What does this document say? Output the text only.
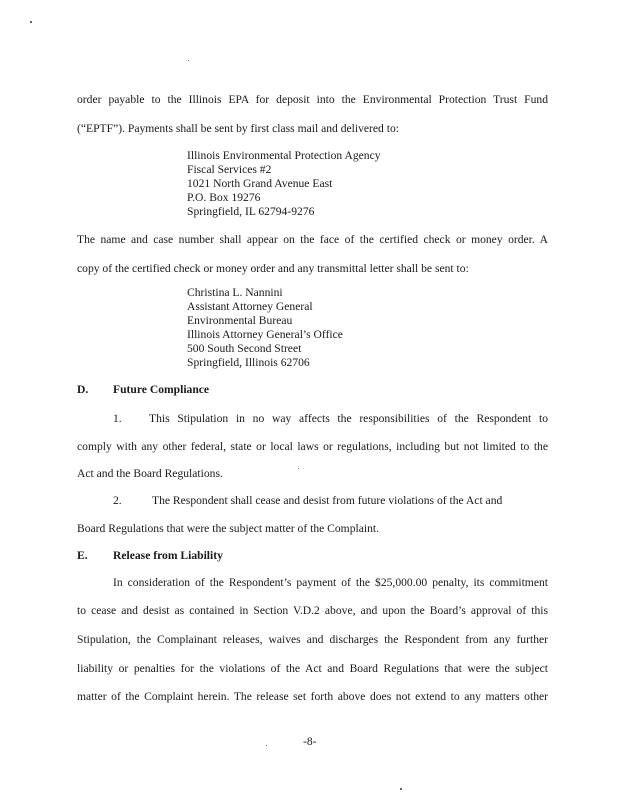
order payable to the Illinois EPA for deposit into the Environmental Protection Trust Fund
(“EPTF”). Payments shall be sent by first class mail and delivered to:
Illinois Environmental Protection Agency
Fiscal Services #2
1021 North Grand Avenue East
P.O. Box 19276
Springfield, IL 62794-9276
The name and case number shall appear on the face of the certified check or money order. A
copy of the certified check or money order and any transmittal letter shall be sent to:
Christina L. Nannini
Assistant Attorney General
Environmental Bureau
Illinois Attorney General’s Office
500 South Second Street
Springfield, Illinois 62706
D. Future Compliance
1. This Stipulation in no way affects the responsibilities of the Respondent to
comply with any other federal, state or local laws or regulations, including but not limited to the
Act and the Board Regulations.
2.	The Respondent shall cease and desist from future violations of the Act and
Board Regulations that were the subject matter of the Complaint.
E. Release from Liability
In consideration of the Respondent’s payment of the $25,000.00 penalty, its commitment
to cease and desist as contained in Section V.D.2 above, and upon the Board’s approval of this
Stipulation, the Complainant releases, waives and discharges the Respondent from any further
liability or penalties for the violations of the Act and Board Regulations that were the subject
matter of the Complaint herein. The release set forth above does not extend to any matters other
-8-
